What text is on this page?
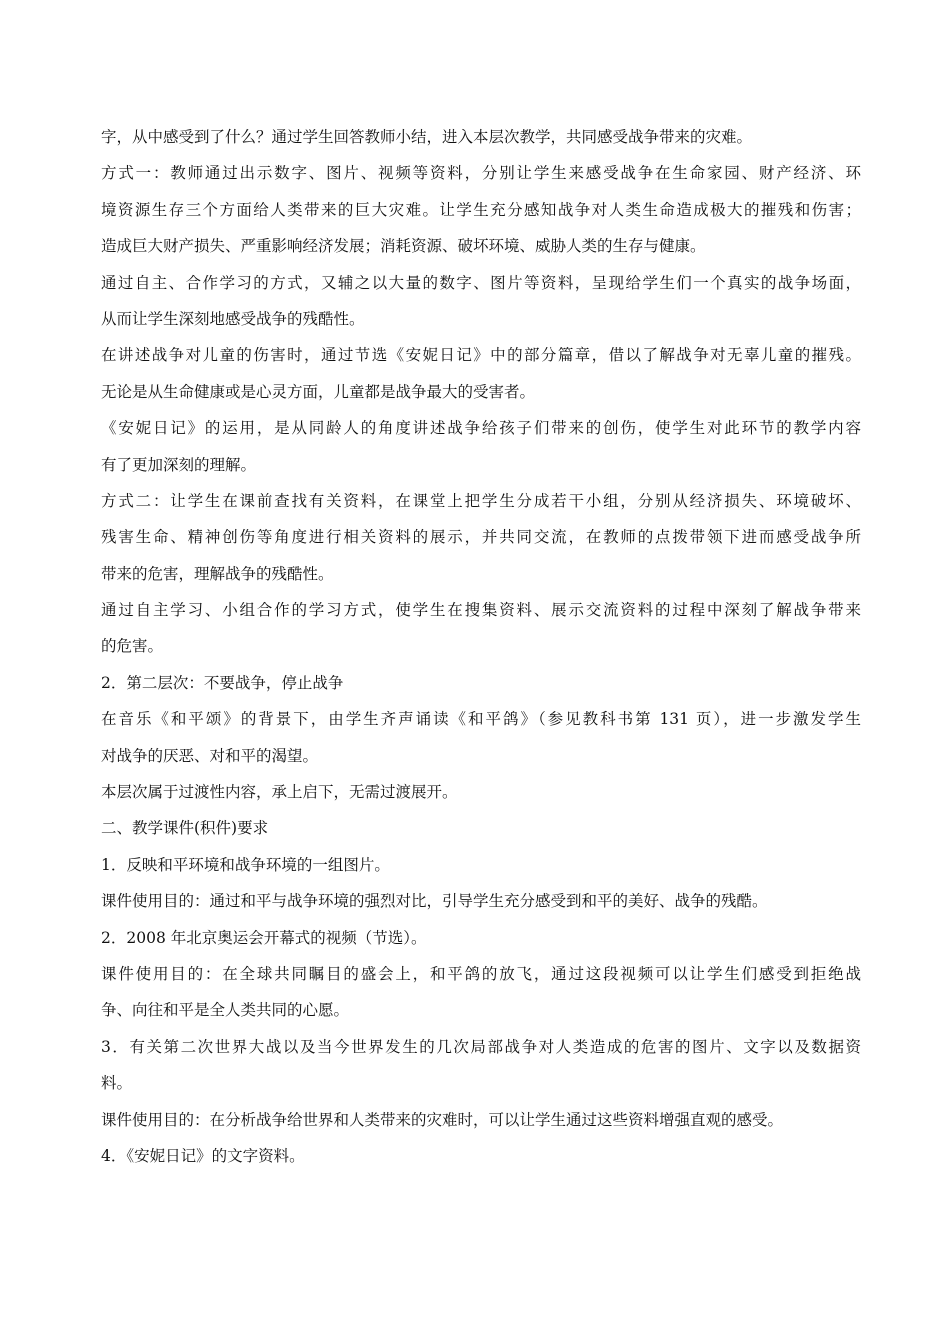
字，从中感受到了什么？通过学生回答教师小结，进入本层次教学，共同感受战争带来的灾难。
方式一：教师通过出示数字、图片、视频等资料，分别让学生来感受战争在生命家园、财产经济、环
境资源生存三个方面给人类带来的巨大灾难。让学生充分感知战争对人类生命造成极大的摧残和伤害；
造成巨大财产损失、严重影响经济发展；消耗资源、破坏环境、威胁人类的生存与健康。
通过自主、合作学习的方式，又辅之以大量的数字、图片等资料，呈现给学生们一个真实的战争场面，
从而让学生深刻地感受战争的残酷性。
在讲述战争对儿童的伤害时，通过节选《安妮日记》中的部分篇章，借以了解战争对无辜儿童的摧残。
无论是从生命健康或是心灵方面，儿童都是战争最大的受害者。
《安妮日记》的运用，是从同龄人的角度讲述战争给孩子们带来的创伤，使学生对此环节的教学内容
有了更加深刻的理解。
方式二：让学生在课前查找有关资料，在课堂上把学生分成若干小组，分别从经济损失、环境破坏、
残害生命、精神创伤等角度进行相关资料的展示，并共同交流，在教师的点拨带领下进而感受战争所
带来的危害，理解战争的残酷性。
通过自主学习、小组合作的学习方式，使学生在搜集资料、展示交流资料的过程中深刻了解战争带来
的危害。
2．第二层次：不要战争，停止战争
在音乐《和平颂》的背景下，由学生齐声诵读《和平鸽》（参见教科书第 131 页），进一步激发学生
对战争的厌恶、对和平的渴望。
本层次属于过渡性内容，承上启下，无需过渡展开。
二、教学课件(积件)要求
1．反映和平环境和战争环境的一组图片。
课件使用目的：通过和平与战争环境的强烈对比，引导学生充分感受到和平的美好、战争的残酷。
2．2008 年北京奥运会开幕式的视频（节选）。
课件使用目的：在全球共同瞩目的盛会上，和平鸽的放飞，通过这段视频可以让学生们感受到拒绝战
争、向往和平是全人类共同的心愿。
3．有关第二次世界大战以及当今世界发生的几次局部战争对人类造成的危害的图片、文字以及数据资
料。
课件使用目的：在分析战争给世界和人类带来的灾难时，可以让学生通过这些资料增强直观的感受。
4．《安妮日记》的文字资料。
